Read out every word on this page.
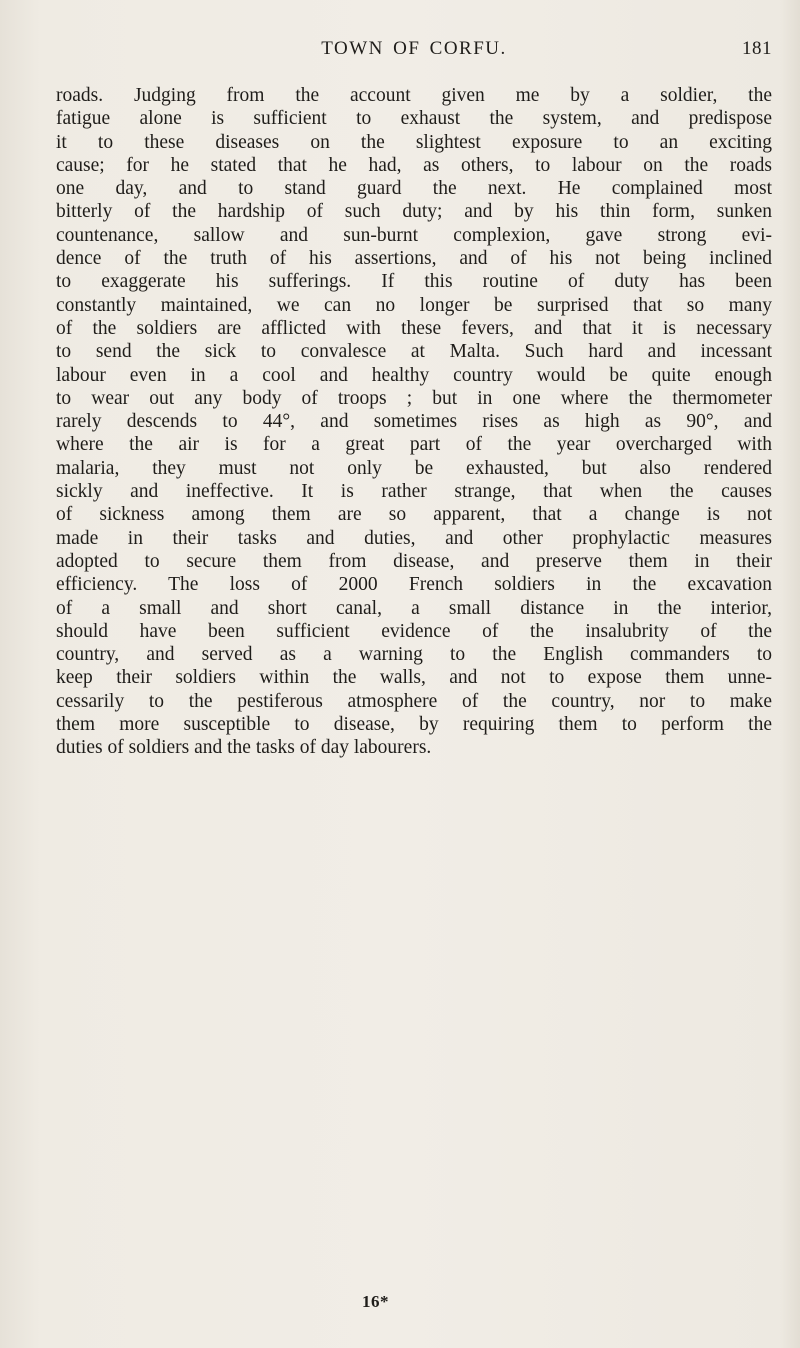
TOWN OF CORFU.	181
roads. Judging from the account given me by a soldier, the
fatigue alone is sufficient to exhaust the system, and predispose
it to these diseases on the slightest exposure to an exciting
cause; for he stated that he had, as others, to labour on the roads
one day, and to stand guard the next. He complained most
bitterly of the hardship of such duty; and by his thin form, sunken
countenance, sallow and sun-burnt complexion, gave strong evi-
dence of the truth of his assertions, and of his not being inclined
to exaggerate his sufferings. If this routine of duty has been
constantly maintained, we can no longer be surprised that so many
of the soldiers are afflicted with these fevers, and that it is necessary
to send the sick to convalesce at Malta. Such hard and incessant
labour even in a cool and healthy country would be quite enough
to wear out any body of troops ; but in one where the thermometer
rarely descends to 44°, and sometimes rises as high as 90°, and
where the air is for a great part of the year overcharged with
malaria, they must not only be exhausted, but also rendered
sickly and ineffective. It is rather strange, that when the causes
of sickness among them are so apparent, that a change is not
made in their tasks and duties, and other prophylactic measures
adopted to secure them from disease, and preserve them in their
efficiency. The loss of 2000 French soldiers in the excavation
of a small and short canal, a small distance in the interior,
should have been sufficient evidence of the insalubrity of the
country, and served as a warning to the English commanders to
keep their soldiers within the walls, and not to expose them unne-
cessarily to the pestiferous atmosphere of the country, nor to make
them more susceptible to disease, by requiring them to perform the
duties of soldiers and the tasks of day labourers.
16*
